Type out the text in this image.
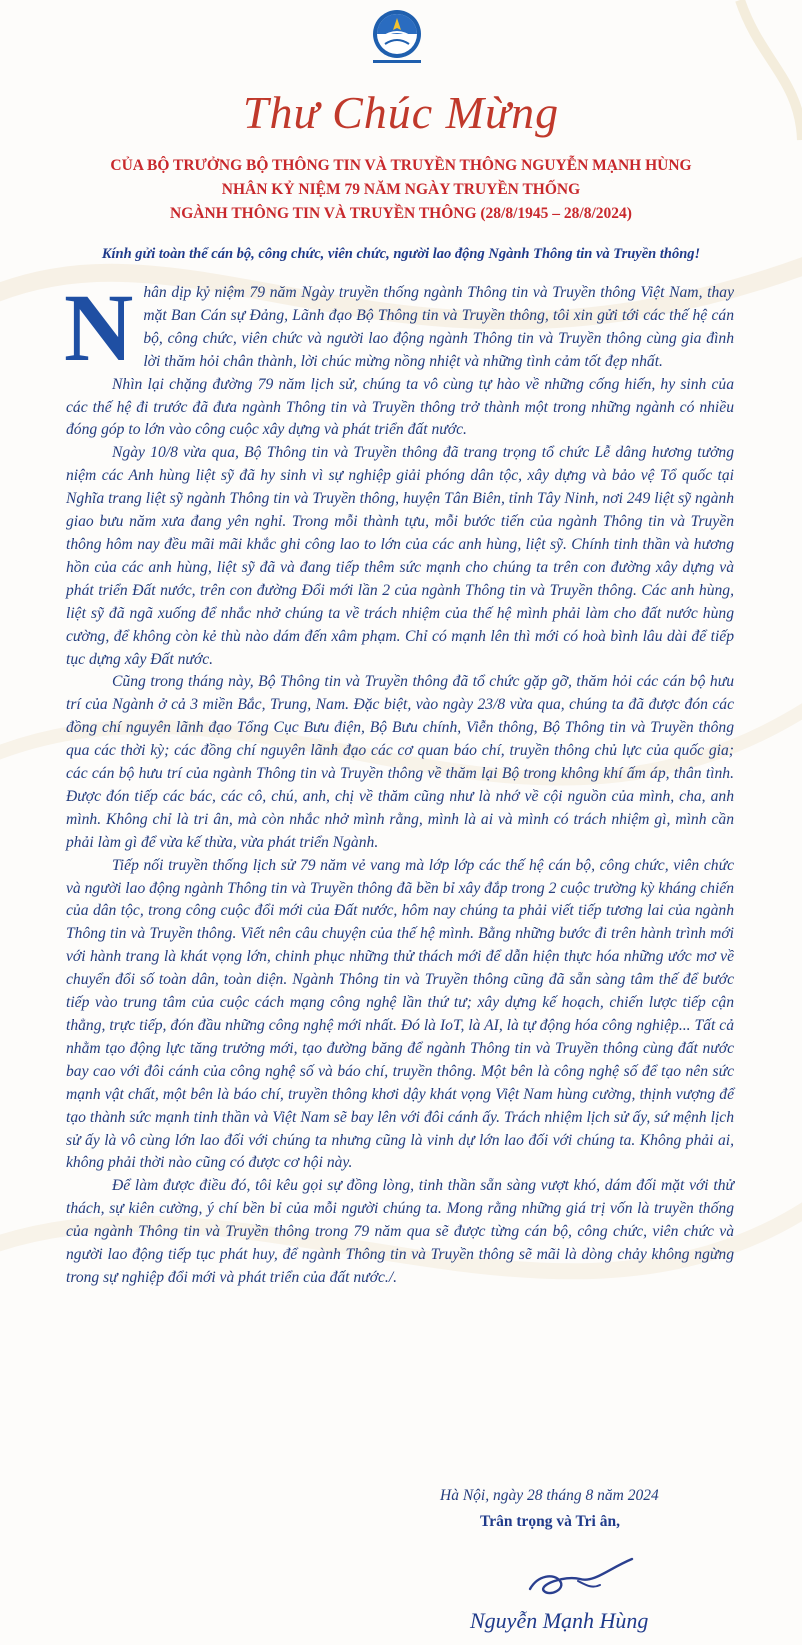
Thư Chúc Mừng
CỦA BỘ TRƯỞNG BỘ THÔNG TIN VÀ TRUYỀN THÔNG NGUYỄN MẠNH HÙNG
NHÂN KỶ NIỆM 79 NĂM NGÀY TRUYỀN THỐNG
NGÀNH THÔNG TIN VÀ TRUYỀN THÔNG (28/8/1945 – 28/8/2024)
Kính gửi toàn thể cán bộ, công chức, viên chức, người lao động Ngành Thông tin và Truyền thông!

Nhân dịp kỷ niệm 79 năm Ngày truyền thống ngành Thông tin và Truyền thông Việt Nam, thay mặt Ban Cán sự Đảng, Lãnh đạo Bộ Thông tin và Truyền thông, tôi xin gửi tới các thế hệ cán bộ, công chức, viên chức và người lao động ngành Thông tin và Truyền thông cùng gia đình lời thăm hỏi chân thành, lời chúc mừng nồng nhiệt và những tình cảm tốt đẹp nhất.

Nhìn lại chặng đường 79 năm lịch sử, chúng ta vô cùng tự hào về những cống hiến, hy sinh của các thế hệ đi trước đã đưa ngành Thông tin và Truyền thông trở thành một trong những ngành có nhiều đóng góp to lớn vào công cuộc xây dựng và phát triển đất nước.

Ngày 10/8 vừa qua, Bộ Thông tin và Truyền thông đã trang trọng tổ chức Lễ dâng hương tưởng niệm các Anh hùng liệt sỹ đã hy sinh vì sự nghiệp giải phóng dân tộc, xây dựng và bảo vệ Tổ quốc tại Nghĩa trang liệt sỹ ngành Thông tin và Truyền thông, huyện Tân Biên, tỉnh Tây Ninh, nơi 249 liệt sỹ ngành giao bưu năm xưa đang yên nghỉ. Trong mỗi thành tựu, mỗi bước tiến của ngành Thông tin và Truyền thông hôm nay đều mãi mãi khắc ghi công lao to lớn của các anh hùng, liệt sỹ. Chính tinh thần và hương hồn của các anh hùng, liệt sỹ đã và đang tiếp thêm sức mạnh cho chúng ta trên con đường xây dựng và phát triển Đất nước, trên con đường Đổi mới lần 2 của ngành Thông tin và Truyền thông. Các anh hùng, liệt sỹ đã ngã xuống để nhắc nhở chúng ta về trách nhiệm của thế hệ mình phải làm cho đất nước hùng cường, để không còn kẻ thù nào dám đến xâm phạm. Chỉ có mạnh lên thì mới có hoà bình lâu dài để tiếp tục dựng xây Đất nước.

Cũng trong tháng này, Bộ Thông tin và Truyền thông đã tổ chức gặp gỡ, thăm hỏi các cán bộ hưu trí của Ngành ở cả 3 miền Bắc, Trung, Nam. Đặc biệt, vào ngày 23/8 vừa qua, chúng ta đã được đón các đồng chí nguyên lãnh đạo Tổng Cục Bưu điện, Bộ Bưu chính, Viễn thông, Bộ Thông tin và Truyền thông qua các thời kỳ; các đồng chí nguyên lãnh đạo các cơ quan báo chí, truyền thông chủ lực của quốc gia; các cán bộ hưu trí của ngành Thông tin và Truyền thông về thăm lại Bộ trong không khí ấm áp, thân tình. Được đón tiếp các bác, các cô, chú, anh, chị về thăm cũng như là nhớ về cội nguồn của mình, cha, anh mình. Không chỉ là tri ân, mà còn nhắc nhở mình rằng, mình là ai và mình có trách nhiệm gì, mình cần phải làm gì để vừa kế thừa, vừa phát triển Ngành.

Tiếp nối truyền thống lịch sử 79 năm vẻ vang mà lớp lớp các thế hệ cán bộ, công chức, viên chức và người lao động ngành Thông tin và Truyền thông đã bền bỉ xây đắp trong 2 cuộc trường kỳ kháng chiến của dân tộc, trong công cuộc đổi mới của Đất nước, hôm nay chúng ta phải viết tiếp tương lai của ngành Thông tin và Truyền thông. Viết nên câu chuyện của thế hệ mình. Bằng những bước đi trên hành trình mới với hành trang là khát vọng lớn, chinh phục những thử thách mới để dẫn hiện thực hóa những ước mơ về chuyển đổi số toàn dân, toàn diện. Ngành Thông tin và Truyền thông cũng đã sẵn sàng tâm thế để bước tiếp vào trung tâm của cuộc cách mạng công nghệ lần thứ tư; xây dựng kế hoạch, chiến lược tiếp cận thẳng, trực tiếp, đón đầu những công nghệ mới nhất. Đó là IoT, là AI, là tự động hóa công nghiệp... Tất cả nhằm tạo động lực tăng trưởng mới, tạo đường băng để ngành Thông tin và Truyền thông cùng đất nước bay cao với đôi cánh của công nghệ số và báo chí, truyền thông. Một bên là công nghệ số để tạo nên sức mạnh vật chất, một bên là báo chí, truyền thông khơi dậy khát vọng Việt Nam hùng cường, thịnh vượng để tạo thành sức mạnh tinh thần và Việt Nam sẽ bay lên với đôi cánh ấy. Trách nhiệm lịch sử ấy, sứ mệnh lịch sử ấy là vô cùng lớn lao đối với chúng ta nhưng cũng là vinh dự lớn lao đối với chúng ta. Không phải ai, không phải thời nào cũng có được cơ hội này.

Để làm được điều đó, tôi kêu gọi sự đồng lòng, tinh thần sẵn sàng vượt khó, dám đối mặt với thử thách, sự kiên cường, ý chí bền bỉ của mỗi người chúng ta. Mong rằng những giá trị vốn là truyền thống của ngành Thông tin và Truyền thông trong 79 năm qua sẽ được từng cán bộ, công chức, viên chức và người lao động tiếp tục phát huy, để ngành Thông tin và Truyền thông sẽ mãi là dòng chảy không ngừng trong sự nghiệp đổi mới và phát triển của đất nước./.

Hà Nội, ngày 28 tháng 8 năm 2024
Trân trọng và Tri ân,
Nguyễn Mạnh Hùng
